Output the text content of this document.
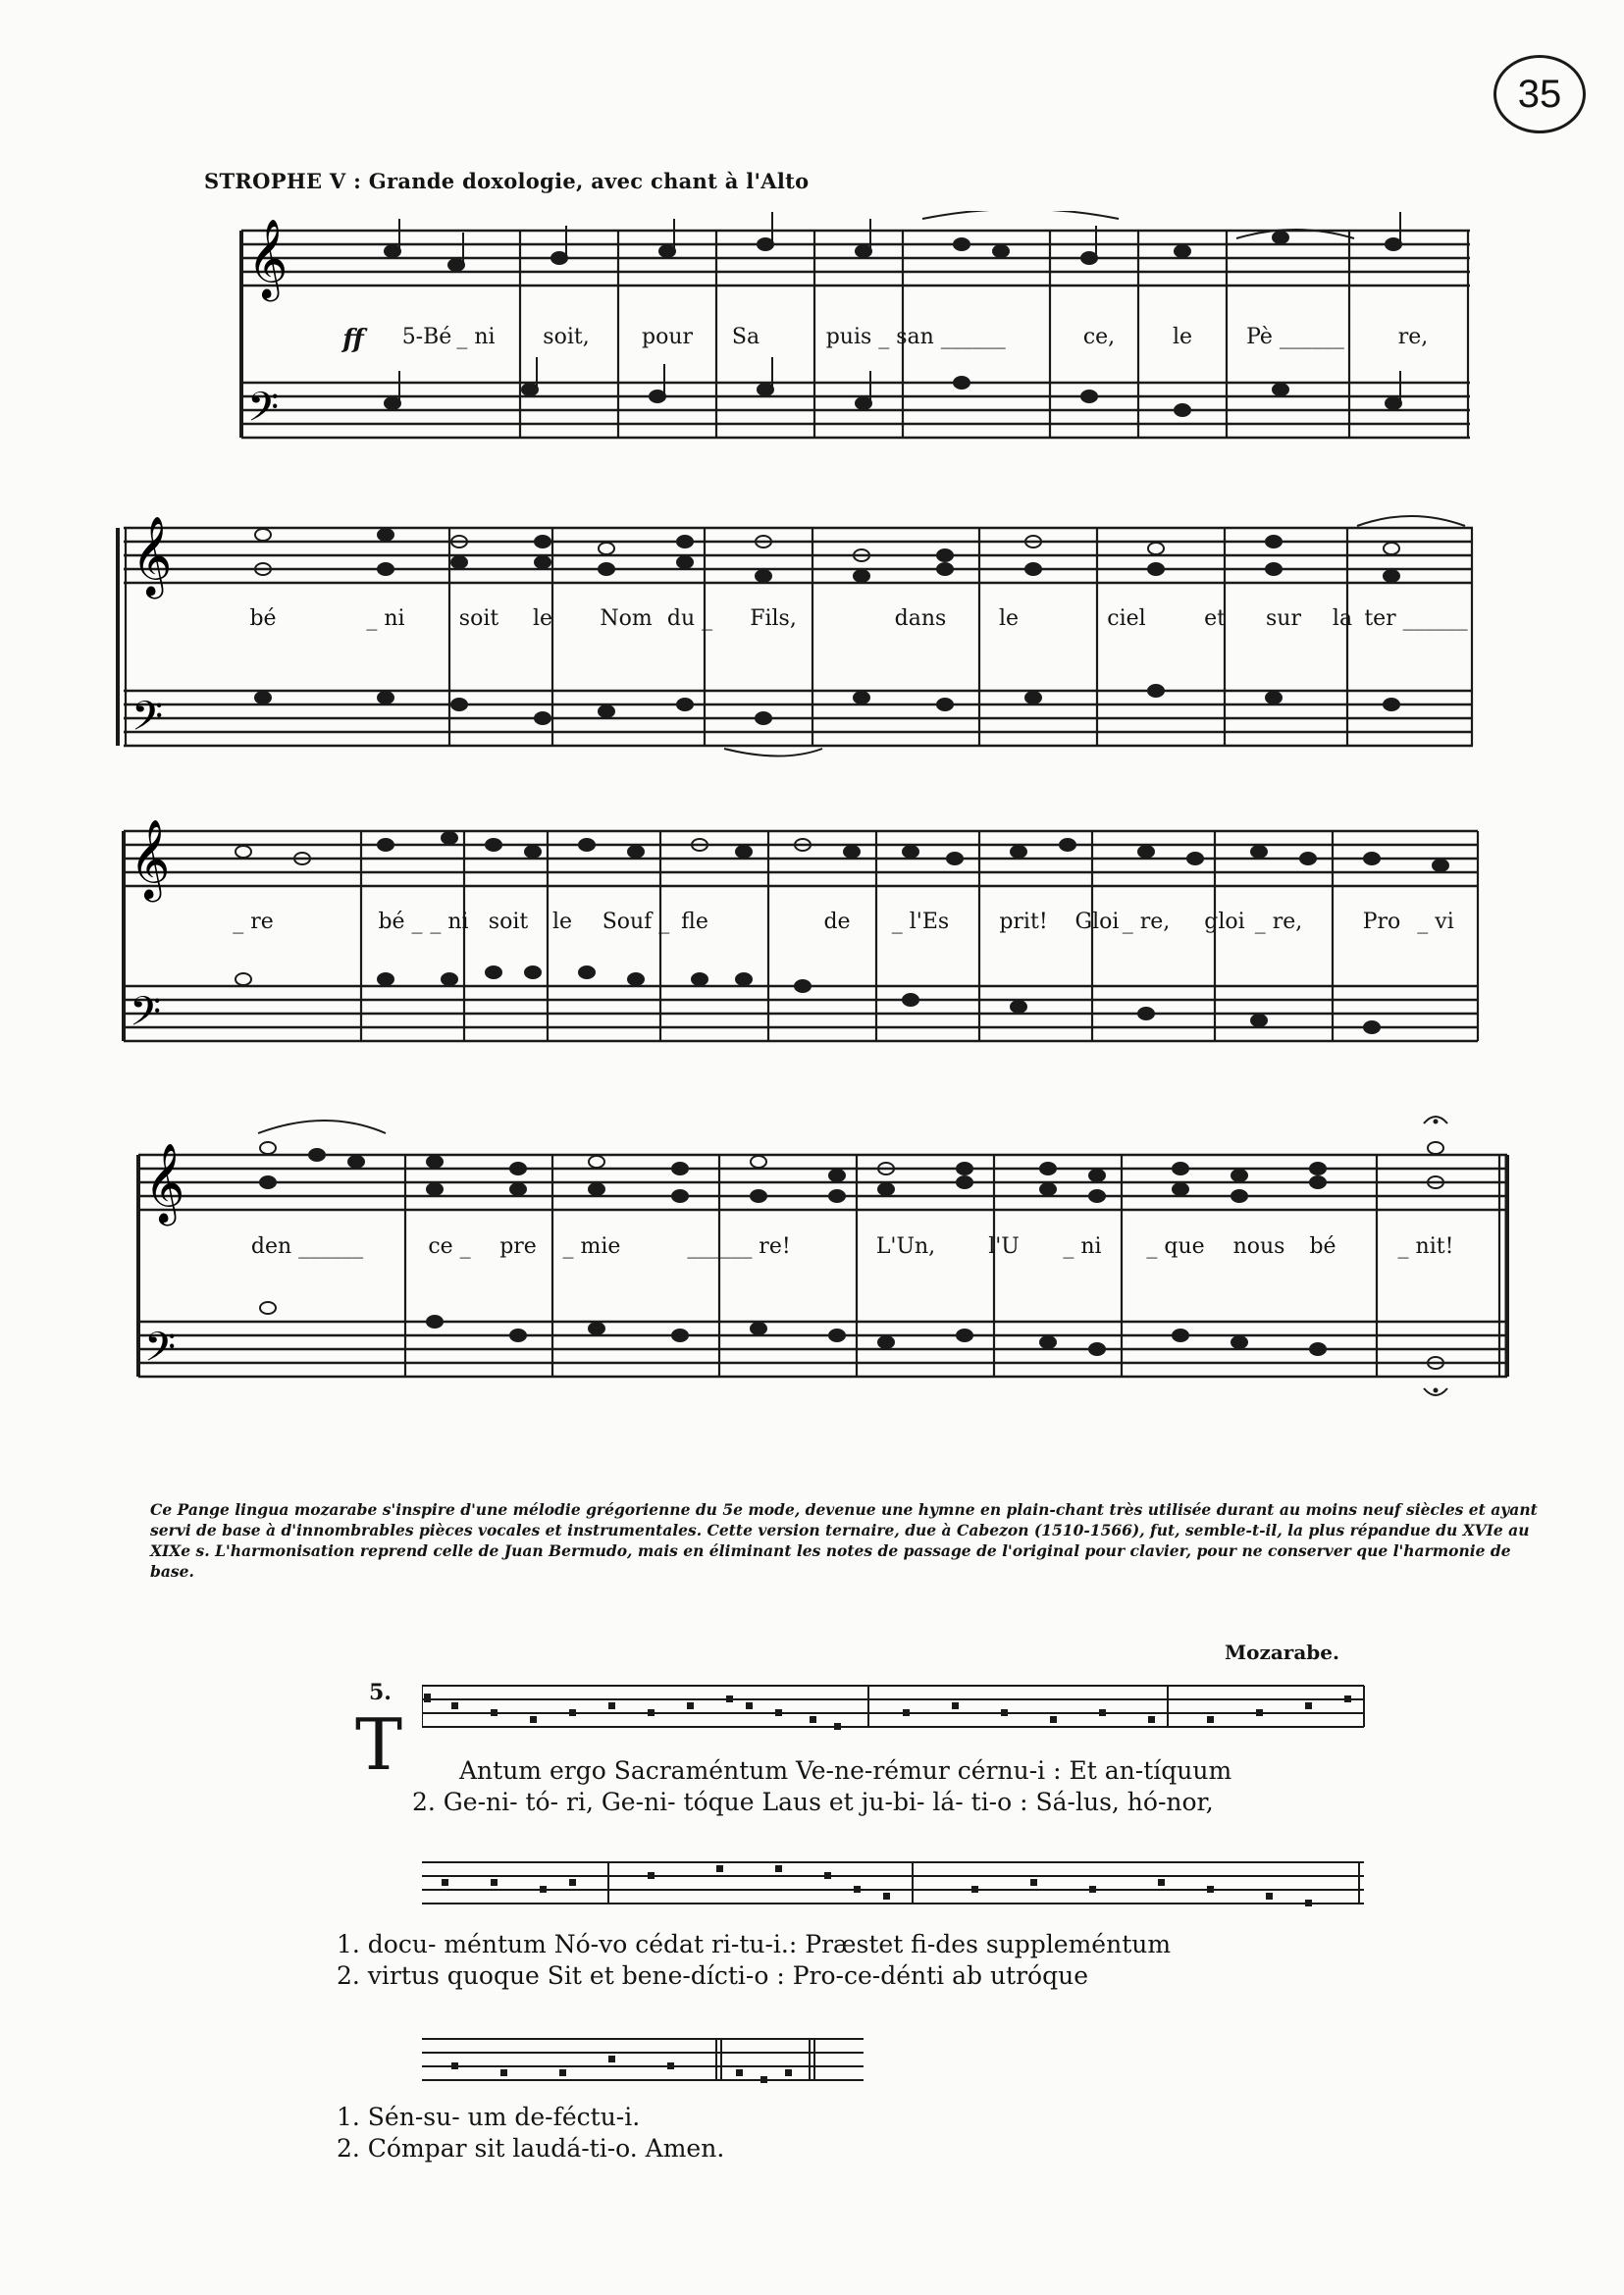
35
STROPHE V : Grande doxologie, avec chant à l'Alto
𝄞
𝄢
ff 5-Bé _ ni soit, pour Sa	puis _ san ______	ce,	le	Pè ______ re,
𝄞
𝄢
bé	_ ni	soit le Nom du _ Fils,	dans le	ciel	et sur la ter ______
𝄞
𝄢
_ re	bé _ _ ni soit le Souf _ fle	de _ l'Es prit! Gloi _ re, gloi _ re,	Pro _ vi
𝄞
𝄢
den ______	ce _ pre _ mie	______ re!	L'Un, l'U _ ni _ que nous bé	_ nit!
Ce Pange lingua mozarabe s'inspire d'une mélodie grégorienne du 5e mode, devenue une hymne en plain-chant très utilisée durant au moins neuf siècles et ayant servi de base à d'innombrables pièces vocales et instrumentales. Cette version ternaire, due à Cabezon (1510-1566), fut, semble-t-il, la plus répandue du XVIe au XIXe s. L'harmonisation reprend celle de Juan Bermudo, mais en éliminant les notes de passage de l'original pour clavier, pour ne conserver que l'harmonie de base.
Mozarabe.
5.
T Antum ergo Sacraméntum Ve-ne-rémur cérnu-i : Et an-tíquum
2. Ge-ni- tó- ri, Ge-ni- tóque Laus et ju-bi- lá- ti-o : Sá-lus, hó-nor,
1. docu- méntum Nó-vo cédat ri-tu-i.: Præstet fi-des suppleméntum
2. virtus quoque Sit et bene-dícti-o : Pro-ce-dénti ab utróque
1. Sén-su- um de-féctu-i.
2. Cómpar sit laudá-ti-o. Amen.
